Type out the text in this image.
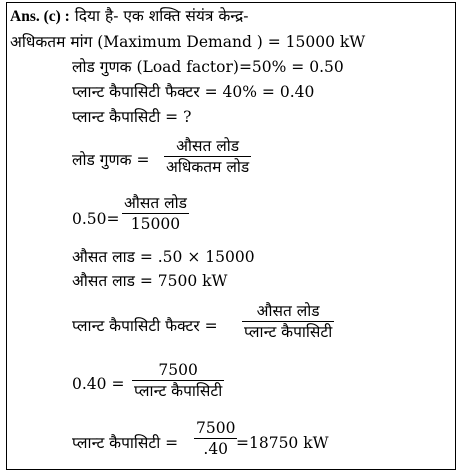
Ans. (c) : दिया है- एक शक्ति संयंत्र केन्द्र-
अधिकतम मांग (Maximum Demand ) = 15000 kW
लोड गुणक (Load factor)=50% = 0.50
प्लान्ट कैपासिटी फैक्टर = 40% = 0.40
प्लान्ट कैपासिटी = ?
लोड गुणक =
औसत लोड
अधिकतम लोड
0.50=
औसत लोड
15000
औसत लाड = .50 × 15000
औसत लाड = 7500 kW
प्लान्ट कैपासिटी फैक्टर =
औसत लोड
प्लान्ट कैपासिटी
0.40 =
7500
प्लान्ट कैपासिटी
प्लान्ट कैपासिटी =
7500
.40 =18750 kW
